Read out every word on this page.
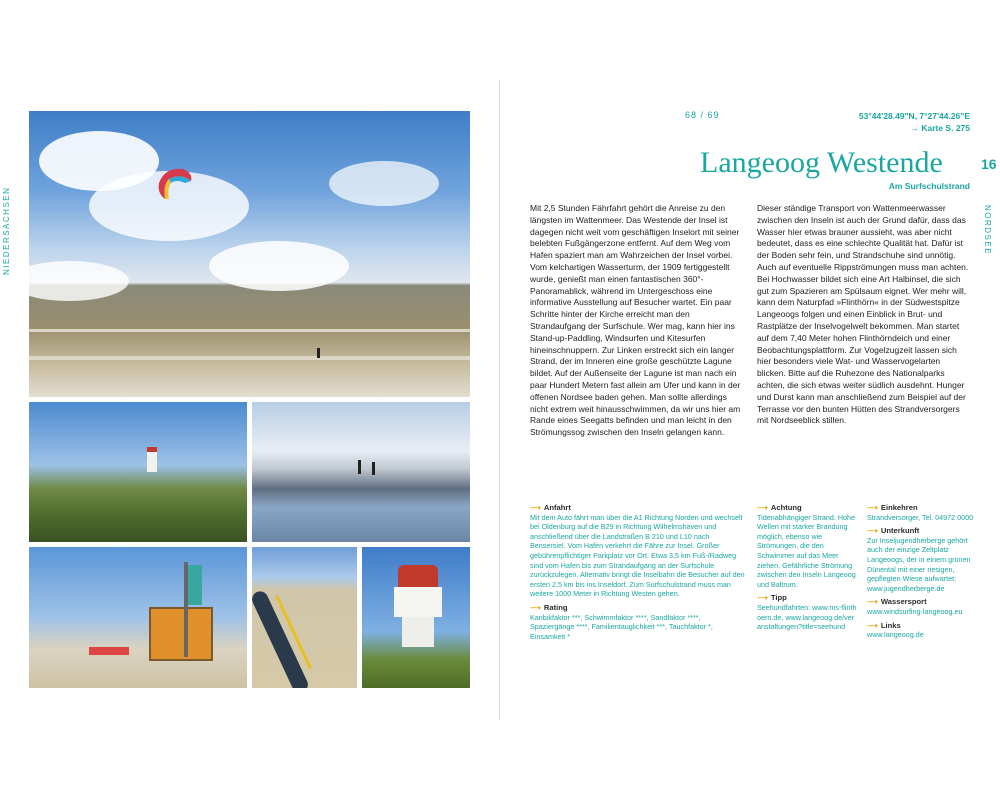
NIEDERSACHSEN	NORDSEE
68 / 69	53°44'28.49"N, 7°27'44.26"E
→ Karte S. 275
Langeoog Westende	16
Am Surfschulstrand
Mit 2,5 Stunden Fährfahrt gehört die Anreise zu den längsten im Wattenmeer. Das Westende der Insel ist dagegen nicht weit vom geschäftigen Inselort mit seiner belebten Fußgängerzone entfernt. Auf dem Weg vom Hafen spaziert man am Wahrzeichen der Insel vorbei. Vom kelchartigen Wasserturm, der 1909 fertiggestellt wurde, genießt man einen fantastischen 360°-Panoramablick, während im Untergeschoss eine informative Ausstellung auf Besucher wartet. Ein paar Schritte hinter der Kirche erreicht man den Strandaufgang der Surfschule. Wer mag, kann hier ins Stand-up-Paddling, Windsurfen und Kitesurfen hineinschnuppern. Zur Linken erstreckt sich ein langer Strand, der im Inneren eine große geschützte Lagune bildet. Auf der Außenseite der Lagune ist man nach ein paar Hundert Metern fast allein am Ufer und kann in der offenen Nordsee baden gehen. Man sollte allerdings nicht extrem weit hinausschwimmen, da wir uns hier am Rande eines Seegatts befinden und man leicht in den Strömungssog zwischen den Inseln gelangen kann.
Dieser ständige Transport von Wattenmeerwasser zwischen den Inseln ist auch der Grund dafür, dass das Wasser hier etwas brauner aussieht, was aber nicht bedeutet, dass es eine schlechte Qualität hat. Dafür ist der Boden sehr fein, und Strandschuhe sind unnötig. Auch auf eventuelle Rippströmungen muss man achten. Bei Hochwasser bildet sich eine Art Halbinsel, die sich gut zum Spazieren am Spülsaum eignet. Wer mehr will, kann dem Naturpfad »Flinthörn« in der Südwestspitze Langeoogs folgen und einen Einblick in Brut- und Rastplätze der Inselvogelwelt bekommen. Man startet auf dem 7,40 Meter hohen Flinthörndeich und einer Beobachtungsplattform. Zur Vogelzugzeit lassen sich hier besonders viele Wat- und Wasservogelarten blicken. Bitte auf die Ruhezone des Nationalparks achten, die sich etwas weiter südlich ausdehnt. Hunger und Durst kann man anschließend zum Beispiel auf der Terrasse vor den bunten Hütten des Strandversorgers mit Nordseeblick stillen.
⟶ Anfahrt

Mit dem Auto fährt man über die A1 Richtung Norden und wechselt bei Oldenburg auf die B29 in Richtung Wilhelmshaven und anschließend über die Landstraßen B 210 und L10 nach Bensersiel. Vom Hafen verkehrt die Fähre zur Insel. Großer gebührenpflichtiger Parkplatz vor Ort. Etwa 3,5 km Fuß-/Radweg sind vom Hafen bis zum Strandaufgang an der Surfschule zurückzulegen. Alternativ bringt die Inselbahn die Besucher auf den ersten 2,5 km bis ins Inseldorf. Zum Surfschulstrand muss man weitere 1000 Meter in Richtung Westen gehen.

⟶ Rating

Karibikfaktor ***, Schwimmfaktor ****, Sandfaktor ****, Spaziergänge ****, Familientauglichkeit ***, Tauchfaktor *, Einsamkeit *

⟶ Achtung

Tidenabhängiger Strand. Hohe Wellen mit starker Brandung möglich, ebenso wie Strömungen, die den Schwimmer auf das Meer ziehen. Gefährliche Strömung zwischen den Inseln Langeoog und Baltrum.

⟶ Tipp

Seehundfahrten: www.ms-flinthoern.de, www.langeoog.de/veranstaltungen?title=seehund

⟶ Einkehren

Strandversorger, Tel. 04972 0000

⟶ Unterkunft

Zur Inseljugendherberge gehört auch der einzige Zeltplatz Langeoogs, der in einem grünen Dünental mit einer riesigen, gepflegten Wiese aufwartet: www.jugendherberge.de

⟶ Wassersport

www.windsurfing-langeoog.eu

⟶ Links

www.langeoog.de
